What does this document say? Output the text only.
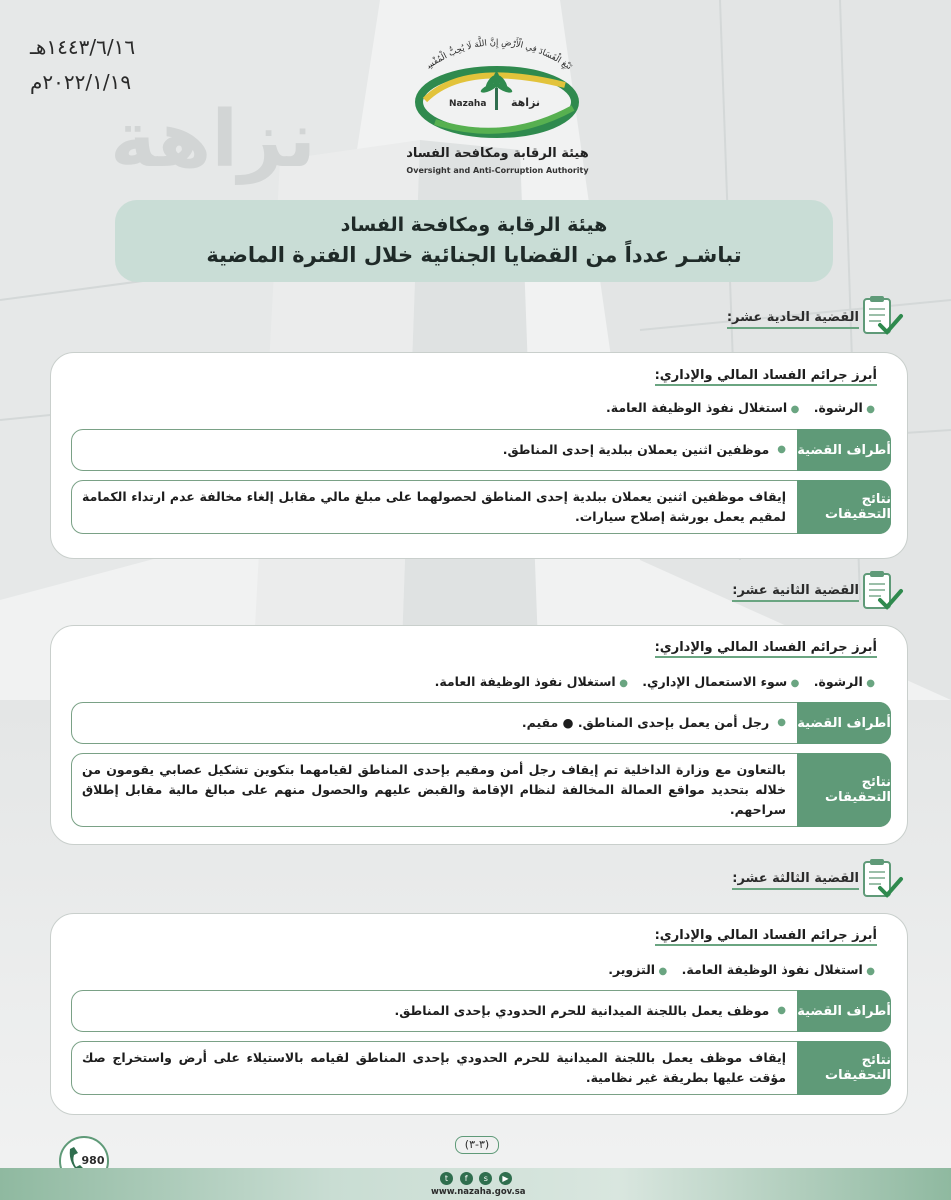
نزاهة
١٤٤٣/٦/١٦هـ
٢٠٢٢/١/١٩م
تَبْغِ الْفَسَادَ فِي الْأَرْضِ إِنَّ اللَّهَ لَا يُحِبُّ الْمُفْسِ
Nazaha نزاهة
هيئة الرقابة ومكافحة الفساد
Oversight and Anti-Corruption Authority
هيئة الرقابة ومكافحة الفساد
تباشـر عدداً من القضايا الجنائية خلال الفترة الماضية
القضية الحادية عشر:
أبرز جرائم الفساد المالي والإداري:
● الرشوة. ● استغلال نفوذ الوظيفة العامة.
أطراف القضية
● موظفين اثنين يعملان ببلدية إحدى المناطق.
نتائج التحقيقات
إيقاف موظفين اثنين يعملان ببلدية إحدى المناطق لحصولهما على مبلغ مالي مقابل إلغاء مخالفة عدم ارتداء الكمامة لمقيم يعمل بورشة إصلاح سيارات.
القضية الثانية عشر:
أبرز جرائم الفساد المالي والإداري:
● الرشوة. ● سوء الاستعمال الإداري. ● استغلال نفوذ الوظيفة العامة.
أطراف القضية
● رجل أمن يعمل بإحدى المناطق. ● مقيم.
نتائج التحقيقات
بالتعاون مع وزارة الداخلية تم إيقاف رجل أمن ومقيم بإحدى المناطق لقيامهما بتكوين تشكيل عصابي يقومون من خلاله بتحديد مواقع العمالة المخالفة لنظام الإقامة والقبض عليهم والحصول منهم على مبالغ مالية مقابل إطلاق سراحهم.
القضية الثالثة عشر:
أبرز جرائم الفساد المالي والإداري:
● استغلال نفوذ الوظيفة العامة. ● التزوير.
أطراف القضية
● موظف يعمل باللجنة الميدانية للحرم الحدودي بإحدى المناطق.
نتائج التحقيقات
إيقاف موظف يعمل باللجنة الميدانية للحرم الحدودي بإحدى المناطق لقيامه بالاستيلاء على أرض واستخراج صك مؤقت عليها بطريقة غير نظامية.
980
(٣-٣)
t	f	s	▶
www.nazaha.gov.sa
